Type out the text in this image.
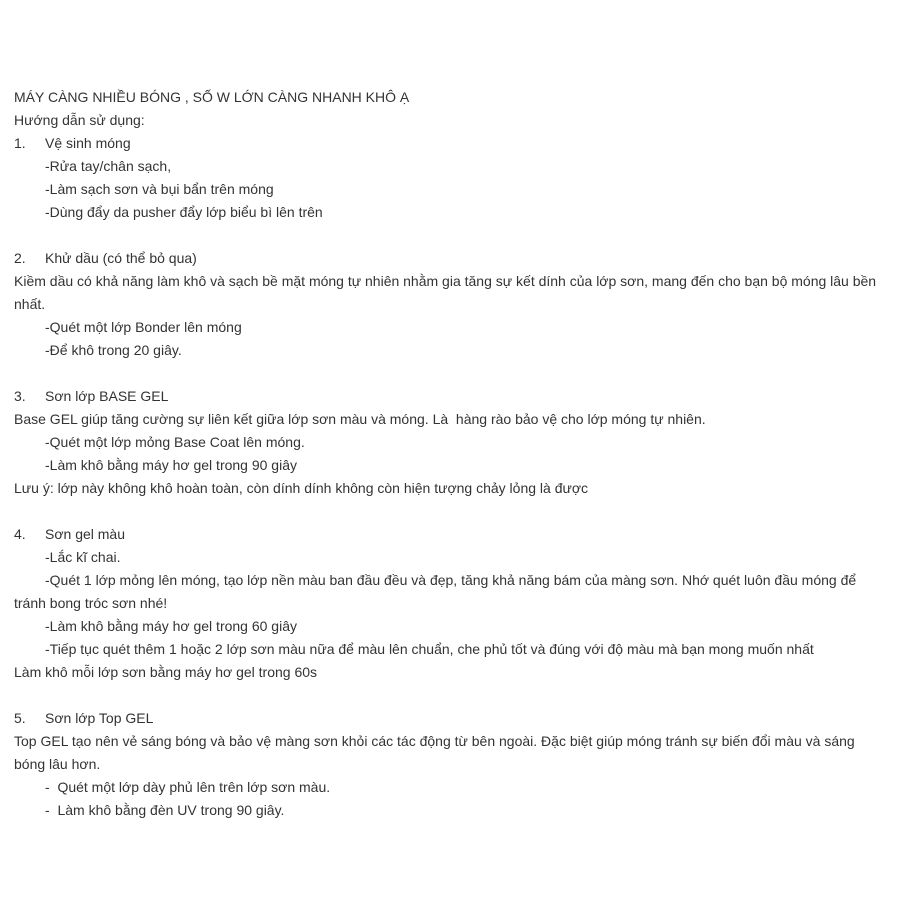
MÁY CÀNG NHIỀU BÓNG , SỐ W LỚN CÀNG NHANH KHÔ Ạ
Hướng dẫn sử dụng:
1.	Vệ sinh móng
-Rửa tay/chân sạch,
-Làm sạch sơn và bụi bẩn trên móng
-Dùng đẩy da pusher đẩy lớp biểu bì lên trên
2.	Khử dầu (có thể bỏ qua)
Kiềm dầu có khả năng làm khô và sạch bề mặt móng tự nhiên nhằm gia tăng sự kết dính của lớp sơn, mang đến cho bạn bộ móng lâu bền nhất.
-Quét một lớp Bonder lên móng
-Để khô trong 20 giây.
3.	Sơn lớp BASE GEL
Base GEL giúp tăng cường sự liên kết giữa lớp sơn màu và móng. Là  hàng rào bảo vệ cho lớp móng tự nhiên.
-Quét một lớp mỏng Base Coat lên móng.
-Làm khô bằng máy hơ gel trong 90 giây
Lưu ý: lớp này không khô hoàn toàn, còn dính dính không còn hiện tượng chảy lỏng là được
4.	Sơn gel màu
-Lắc kĩ chai.
-Quét 1 lớp mỏng lên móng, tạo lớp nền màu ban đầu đều và đẹp, tăng khả năng bám của màng sơn. Nhớ quét luôn đầu móng để
tránh bong tróc sơn nhé!
-Làm khô bằng máy hơ gel trong 60 giây
-Tiếp tục quét thêm 1 hoặc 2 lớp sơn màu nữa để màu lên chuẩn, che phủ tốt và đúng với độ màu mà bạn mong muốn nhất
Làm khô mỗi lớp sơn bằng máy hơ gel trong 60s
5.	Sơn lớp Top GEL
Top GEL tạo nên vẻ sáng bóng và bảo vệ màng sơn khỏi các tác động từ bên ngoài. Đặc biệt giúp móng tránh sự biến đổi màu và sáng bóng lâu hơn.
-  Quét một lớp dày phủ lên trên lớp sơn màu.
-  Làm khô bằng đèn UV trong 90 giây.
